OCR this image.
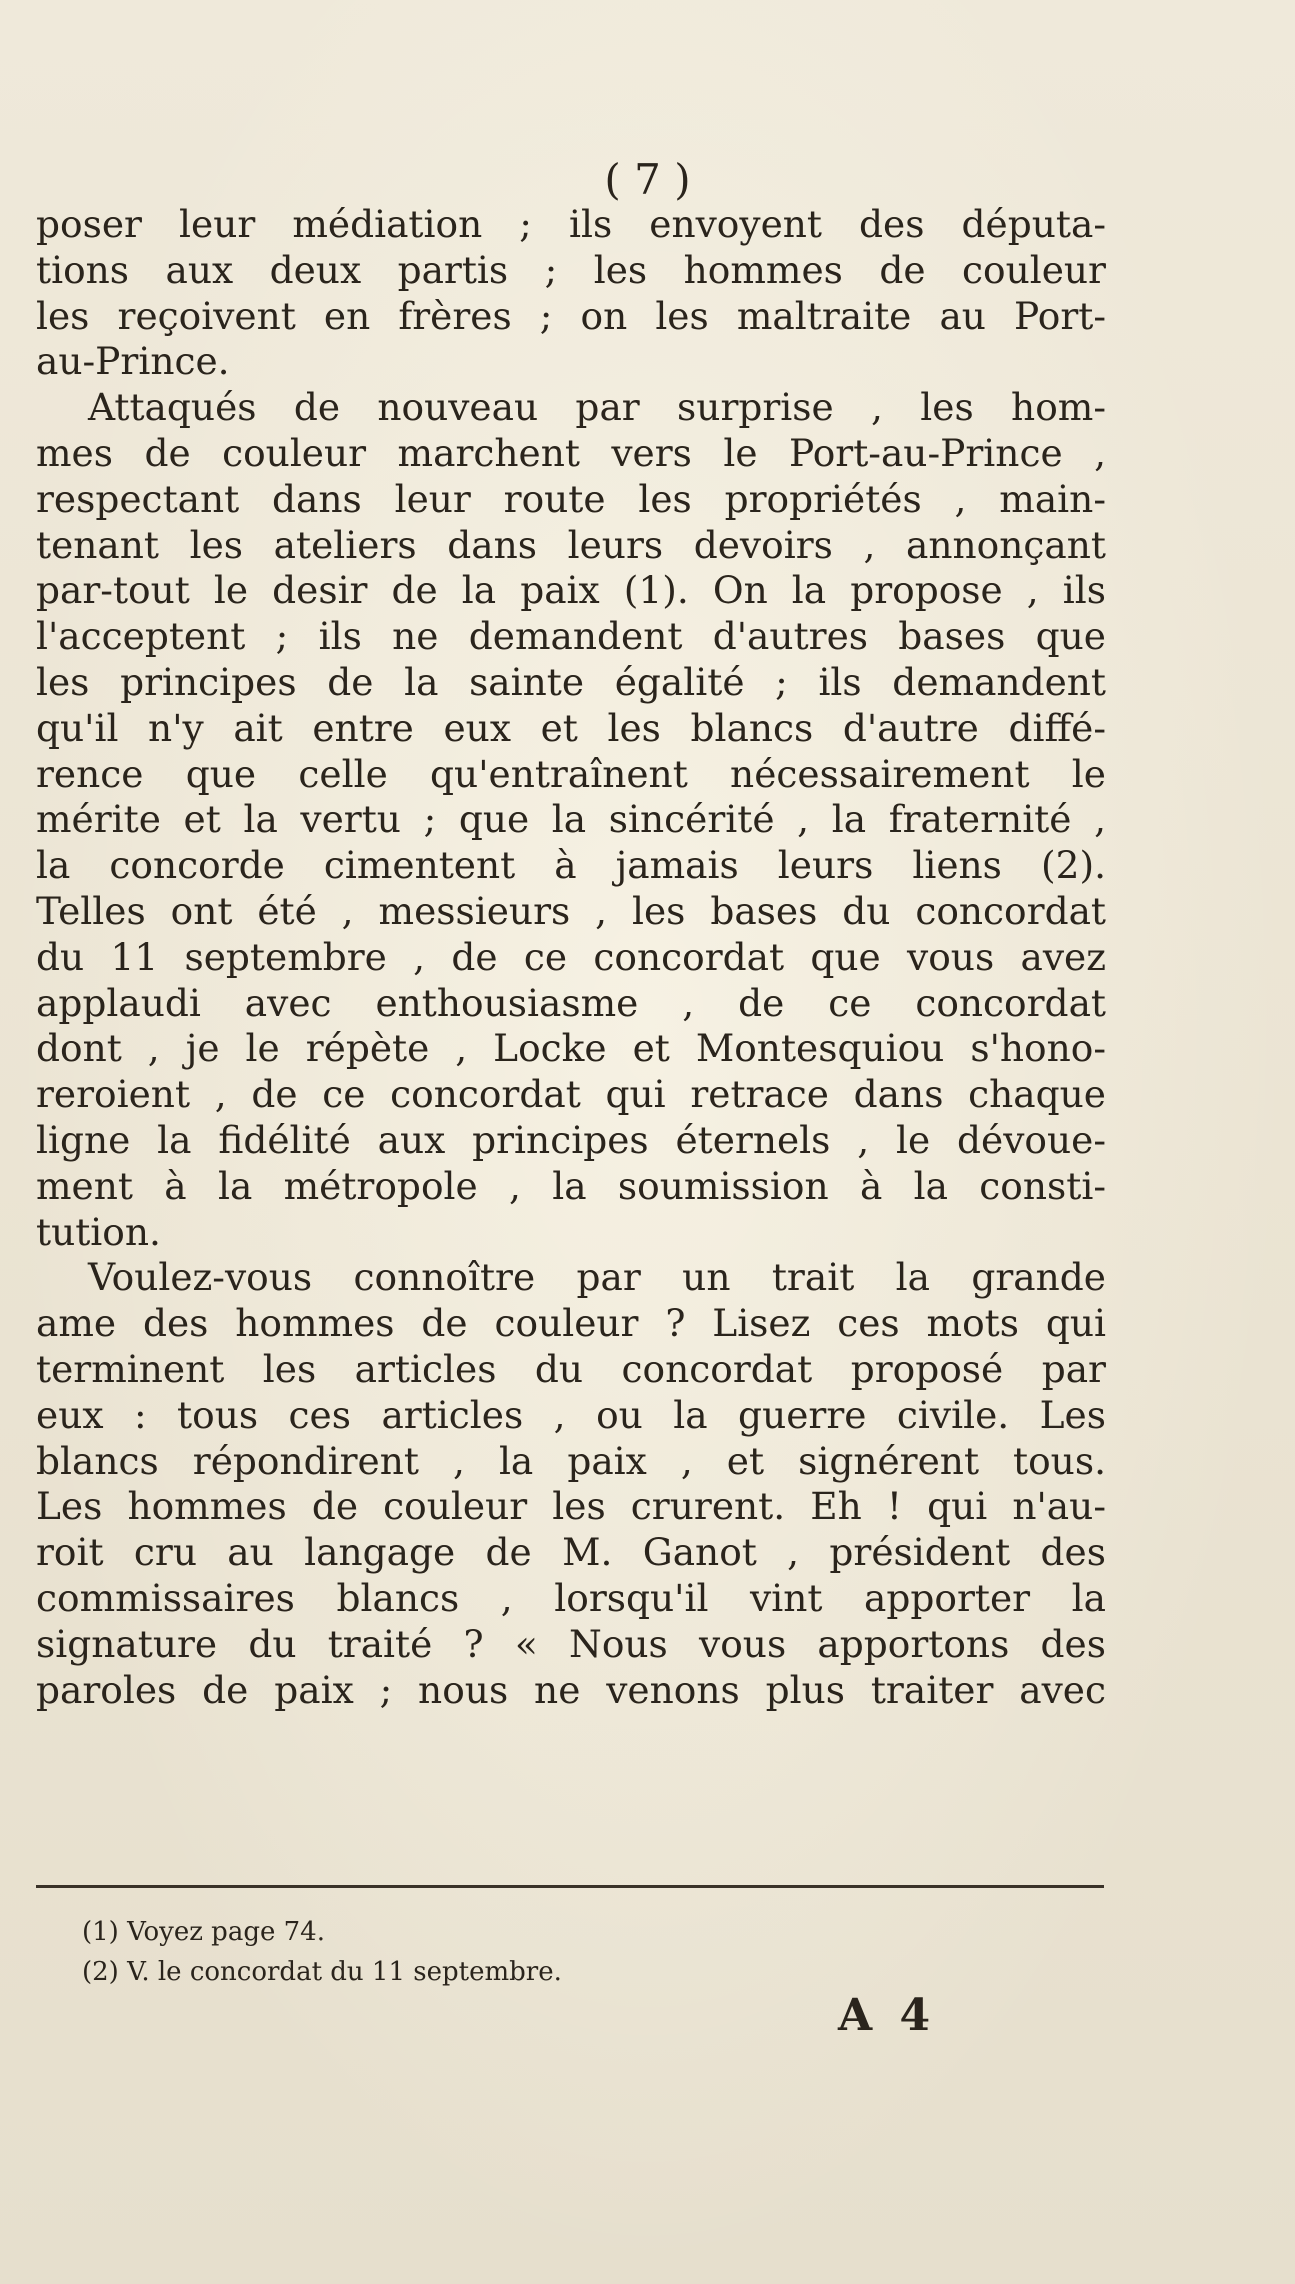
( 7 )
poser leur médiation ; ils envoyent des députa-
tions aux deux partis ; les hommes de couleur
les reçoivent en frères ; on les maltraite au Port-
au-Prince.
Attaqués de nouveau par surprise , les hom-
mes de couleur marchent vers le Port-au-Prince ,
respectant dans leur route les propriétés , main-
tenant les ateliers dans leurs devoirs , annonçant
par-tout le desir de la paix (1). On la propose , ils
l'acceptent ; ils ne demandent d'autres bases que
les principes de la sainte égalité ; ils demandent
qu'il n'y ait entre eux et les blancs d'autre diffé-
rence que celle qu'entraînent nécessairement le
mérite et la vertu ; que la sincérité , la fraternité ,
la concorde cimentent à jamais leurs liens (2).
Telles ont été , messieurs , les bases du concordat
du 11 septembre , de ce concordat que vous avez
applaudi avec enthousiasme , de ce concordat
dont , je le répète , Locke et Montesquiou s'hono-
reroient , de ce concordat qui retrace dans chaque
ligne la fidélité aux principes éternels , le dévoue-
ment à la métropole , la soumission à la consti-
tution.
Voulez-vous connoître par un trait la grande
ame des hommes de couleur ? Lisez ces mots qui
terminent les articles du concordat proposé par
eux : tous ces articles , ou la guerre civile. Les
blancs répondirent , la paix , et signérent tous.
Les hommes de couleur les crurent. Eh ! qui n'au-
roit cru au langage de M. Ganot , président des
commissaires blancs , lorsqu'il vint apporter la
signature du traité ? « Nous vous apportons des
paroles de paix ; nous ne venons plus traiter avec
(1) Voyez page 74.
(2) V. le concordat du 11 septembre.
A 4
